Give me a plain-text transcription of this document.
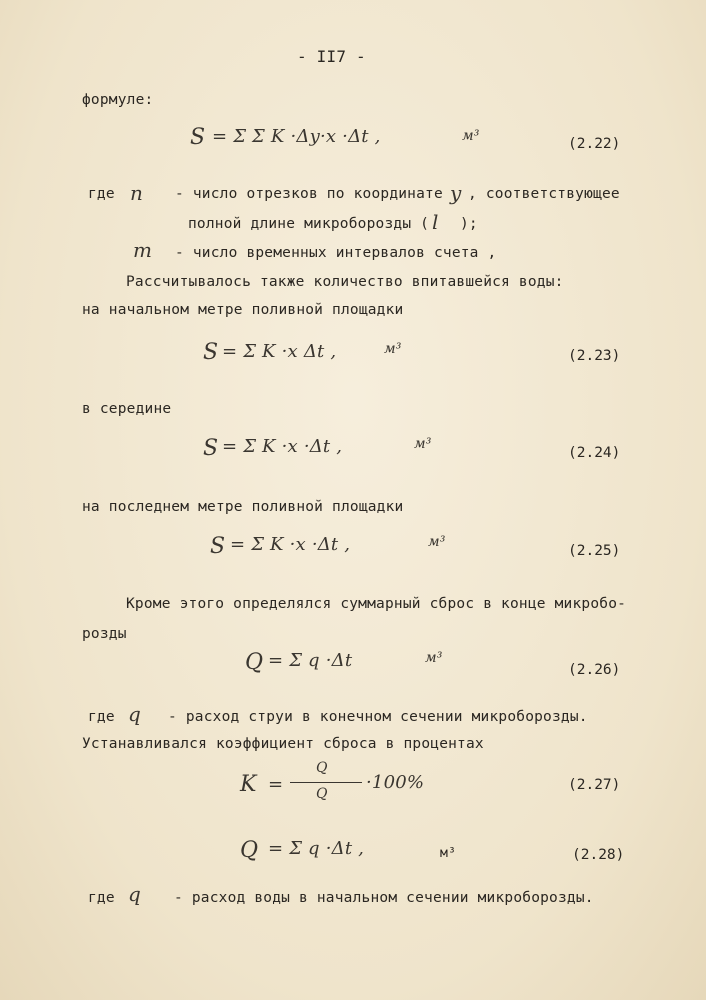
- II7 -
формуле:
S = Σ Σ K ·Δy·x ·Δt ,	м³	(2.22)
где n - число отрезков по координате y , соответствующее
полной длине микроборозды ( l );
m - число временных интервалов счета ,
Рассчитывалось также количество впитавшейся воды:
на начальном метре поливной площадки
S = Σ K ·x Δt ,	м³	(2.23)
в середине
S = Σ K ·x ·Δt ,	м³
(2.24)
на последнем метре поливной площадки
S = Σ K ·x ·Δt ,	м³
(2.25)
Кроме этого определялся суммарный сброс в конце микробо-
розды
Q = Σ q ·Δt	м³
(2.26)
где q - расход струи в конечном сечении микроборозды.
Устанавливался коэффициент сброса в процентах
K =
Q
Q
·100%	(2.27)
Q = Σ q ·Δt ,	м³	(2.28)
где q - расход воды в начальном сечении микроборозды.
